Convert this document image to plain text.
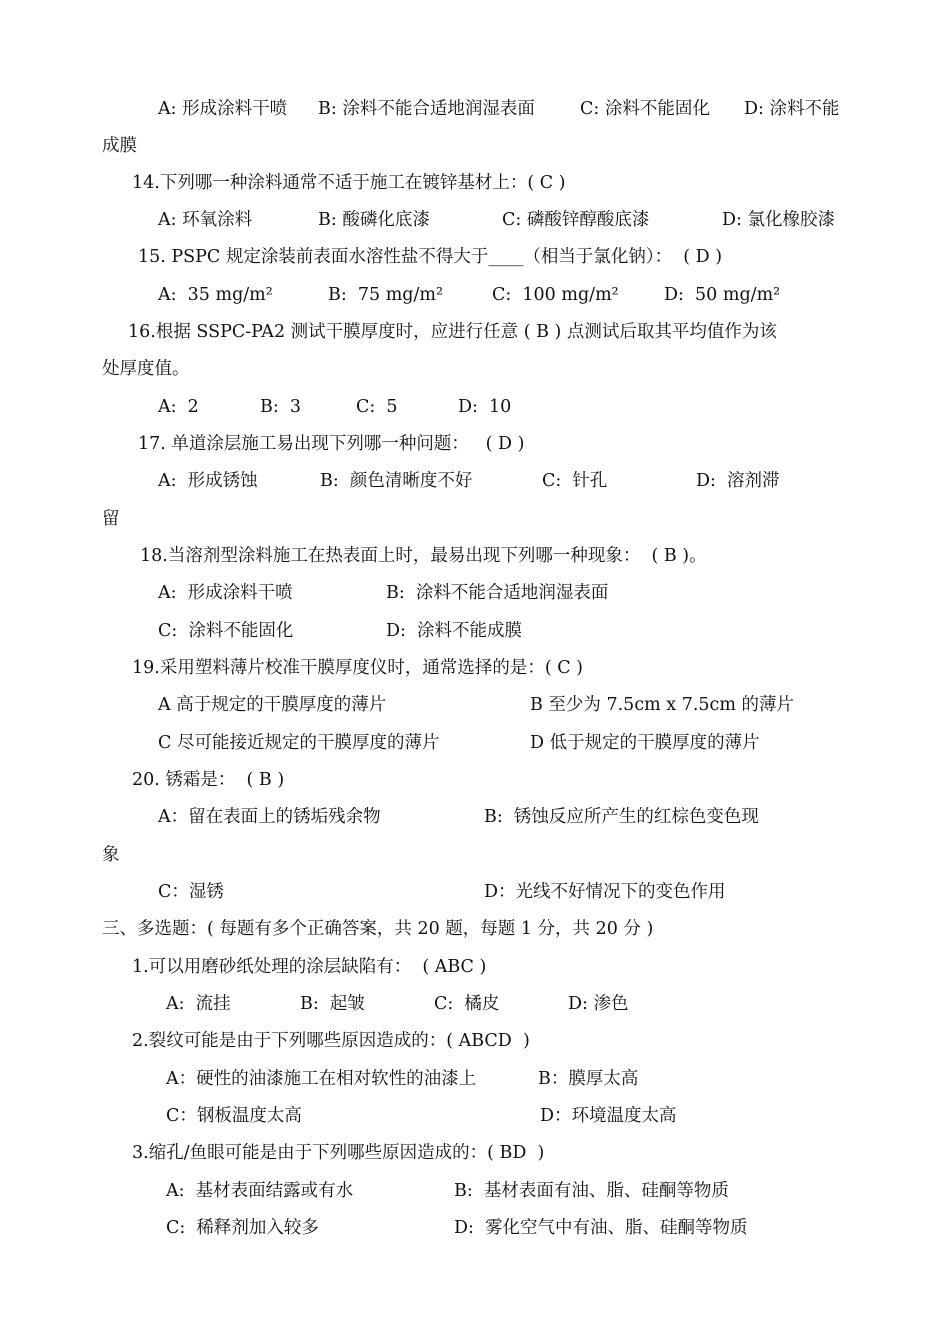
A: 形成涂料干喷 B: 涂料不能合适地润湿表面	C: 涂料不能固化 D: 涂料不能
成膜
14.下列哪一种涂料通常不适于施工在镀锌基材上：( C )
A: 环氧涂料	B: 酸磷化底漆	C: 磷酸锌醇酸底漆	D: 氯化橡胶漆
15. PSPC 规定涂装前表面水溶性盐不得大于____（相当于氯化钠）：  ( D )
A:  35 mg/m²	B:  75 mg/m²	C:  100 mg/m²	D:  50 mg/m²
16.根据 SSPC-PA2 测试干膜厚度时，应进行任意 ( B ) 点测试后取其平均值作为该
处厚度值。
A:  2	B:  3	C:  5	D:  10
17. 单道涂层施工易出现下列哪一种问题：   ( D )
A:  形成锈蚀	B:  颜色清晰度不好	C:  针孔	D:  溶剂滞
留
18.当溶剂型涂料施工在热表面上时，最易出现下列哪一种现象：  ( B )。
A:  形成涂料干喷	B:  涂料不能合适地润湿表面
C:  涂料不能固化	D:  涂料不能成膜
19.采用塑料薄片校准干膜厚度仪时，通常选择的是：( C )
A 高于规定的干膜厚度的薄片	B 至少为 7.5cm x 7.5cm 的薄片
C 尽可能接近规定的干膜厚度的薄片	D 低于规定的干膜厚度的薄片
20. 锈霜是：  ( B )
A：留在表面上的锈垢残余物	B:  锈蚀反应所产生的红棕色变色现
象
C：湿锈	D：光线不好情况下的变色作用
三、多选题：( 每题有多个正确答案，共 20 题，每题 1 分，共 20 分 )
1.可以用磨砂纸处理的涂层缺陷有：  ( ABC )
A:  流挂	B:  起皱	C:  橘皮	D: 渗色
2.裂纹可能是由于下列哪些原因造成的：( ABCD  )
A：硬性的油漆施工在相对软性的油漆上	B：膜厚太高
C：钢板温度太高	D：环境温度太高
3.缩孔/鱼眼可能是由于下列哪些原因造成的：( BD  )
A:  基材表面结露或有水	B:  基材表面有油、脂、硅酮等物质
C:  稀释剂加入较多	D:  雾化空气中有油、脂、硅酮等物质
